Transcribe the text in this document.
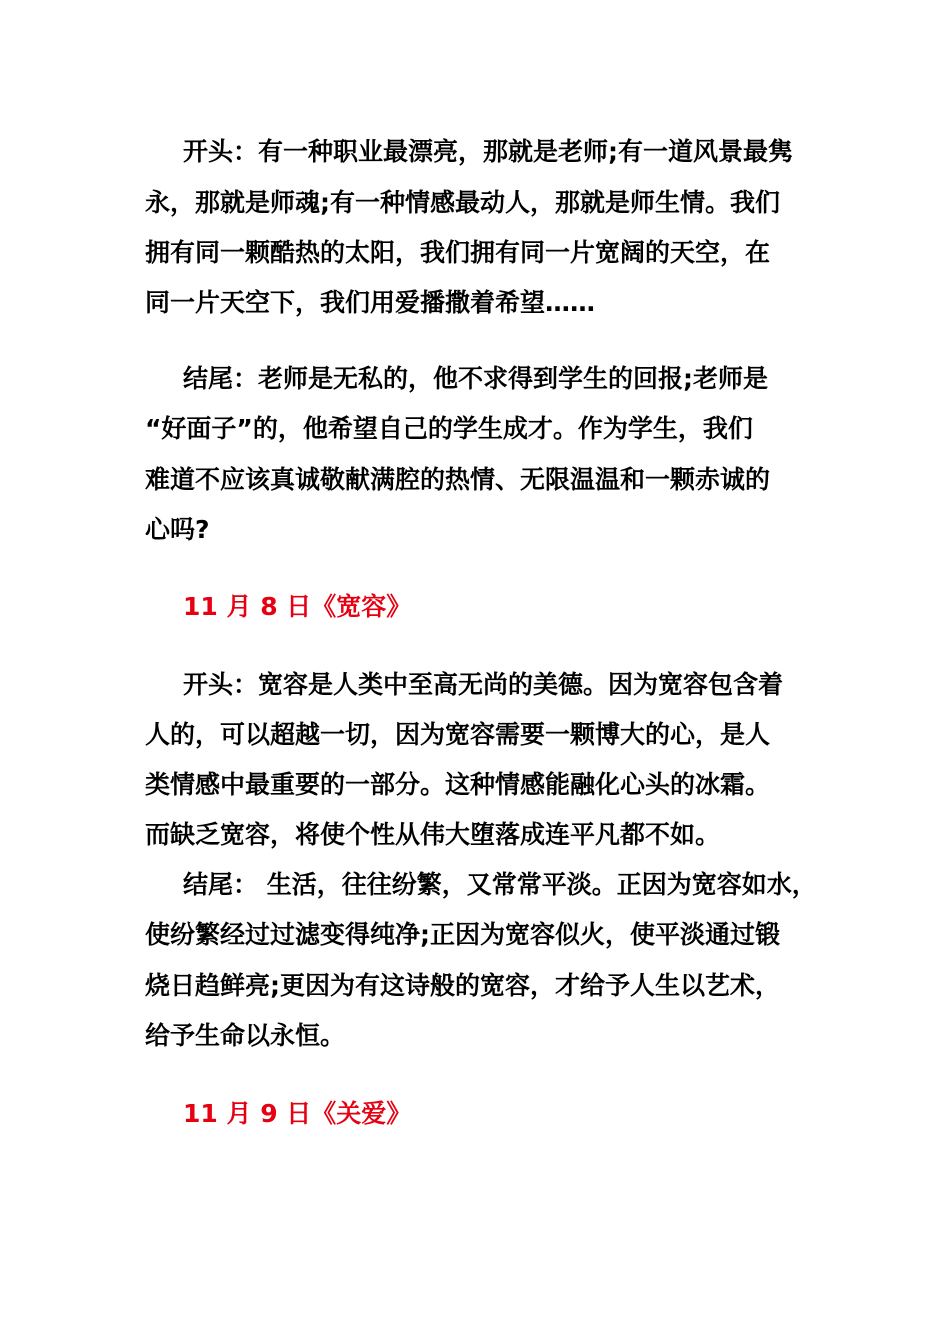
开头：有一种职业最漂亮，那就是老师;有一道风景最隽
永，那就是师魂;有一种情感最动人，那就是师生情。我们
拥有同一颗酷热的太阳，我们拥有同一片宽阔的天空，在
同一片天空下，我们用爱播撒着希望……
结尾：老师是无私的，他不求得到学生的回报;老师是
“好面子”的，他希望自己的学生成才。作为学生，我们
难道不应该真诚敬献满腔的热情、无限温温和一颗赤诚的
心吗?
11 月 8 日《宽容》
开头：宽容是人类中至高无尚的美德。因为宽容包含着
人的，可以超越一切，因为宽容需要一颗博大的心，是人
类情感中最重要的一部分。这种情感能融化心头的冰霜。
而缺乏宽容，将使个性从伟大堕落成连平凡都不如。
结尾： 生活，往往纷繁，又常常平淡。正因为宽容如水，
使纷繁经过过滤变得纯净;正因为宽容似火，使平淡通过锻
烧日趋鲜亮;更因为有这诗般的宽容，才给予人生以艺术，
给予生命以永恒。
11 月 9 日《关爱》
